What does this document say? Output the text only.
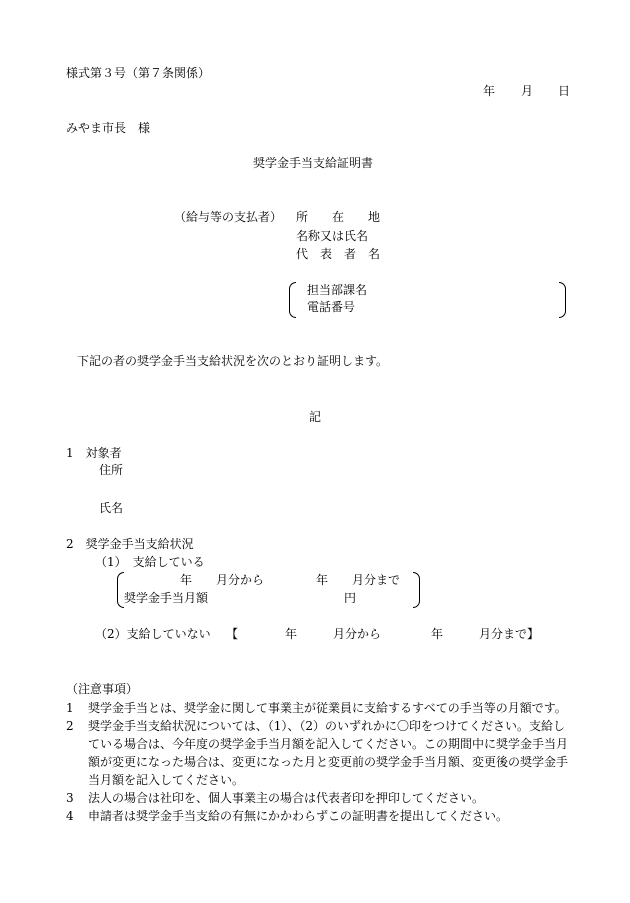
様式第３号（第７条関係）
年 月 日
みやま市長　様
奨学金手当支給証明書
（給与等の支払者） 所　　在　　地
名称又は氏名
代　表　者　名
担当部課名
電話番号
下記の者の奨学金手当支給状況を次のとおり証明します。
記
1　対象者
住所
氏名
2　奨学金手当支給状況
（1）　支給している
年 月分から	年 月分まで
奨学金手当月額	円
（2）支給していない 【	年	月分から	年	月分まで 】
（注意事項）
1 奨学金手当とは、奨学金に関して事業主が従業員に支給するすべての手当等の月額です。
2 奨学金手当支給状況については、（1）、（2）のいずれかに〇印をつけてください。支給している場合は、今年度の奨学金手当月額を記入してください。この期間中に奨学金手当月額が変更になった場合は、変更になった月と変更前の奨学金手当月額、変更後の奨学金手当月額を記入してください。
3 法人の場合は社印を、個人事業主の場合は代表者印を押印してください。
4 申請者は奨学金手当支給の有無にかかわらずこの証明書を提出してください。
